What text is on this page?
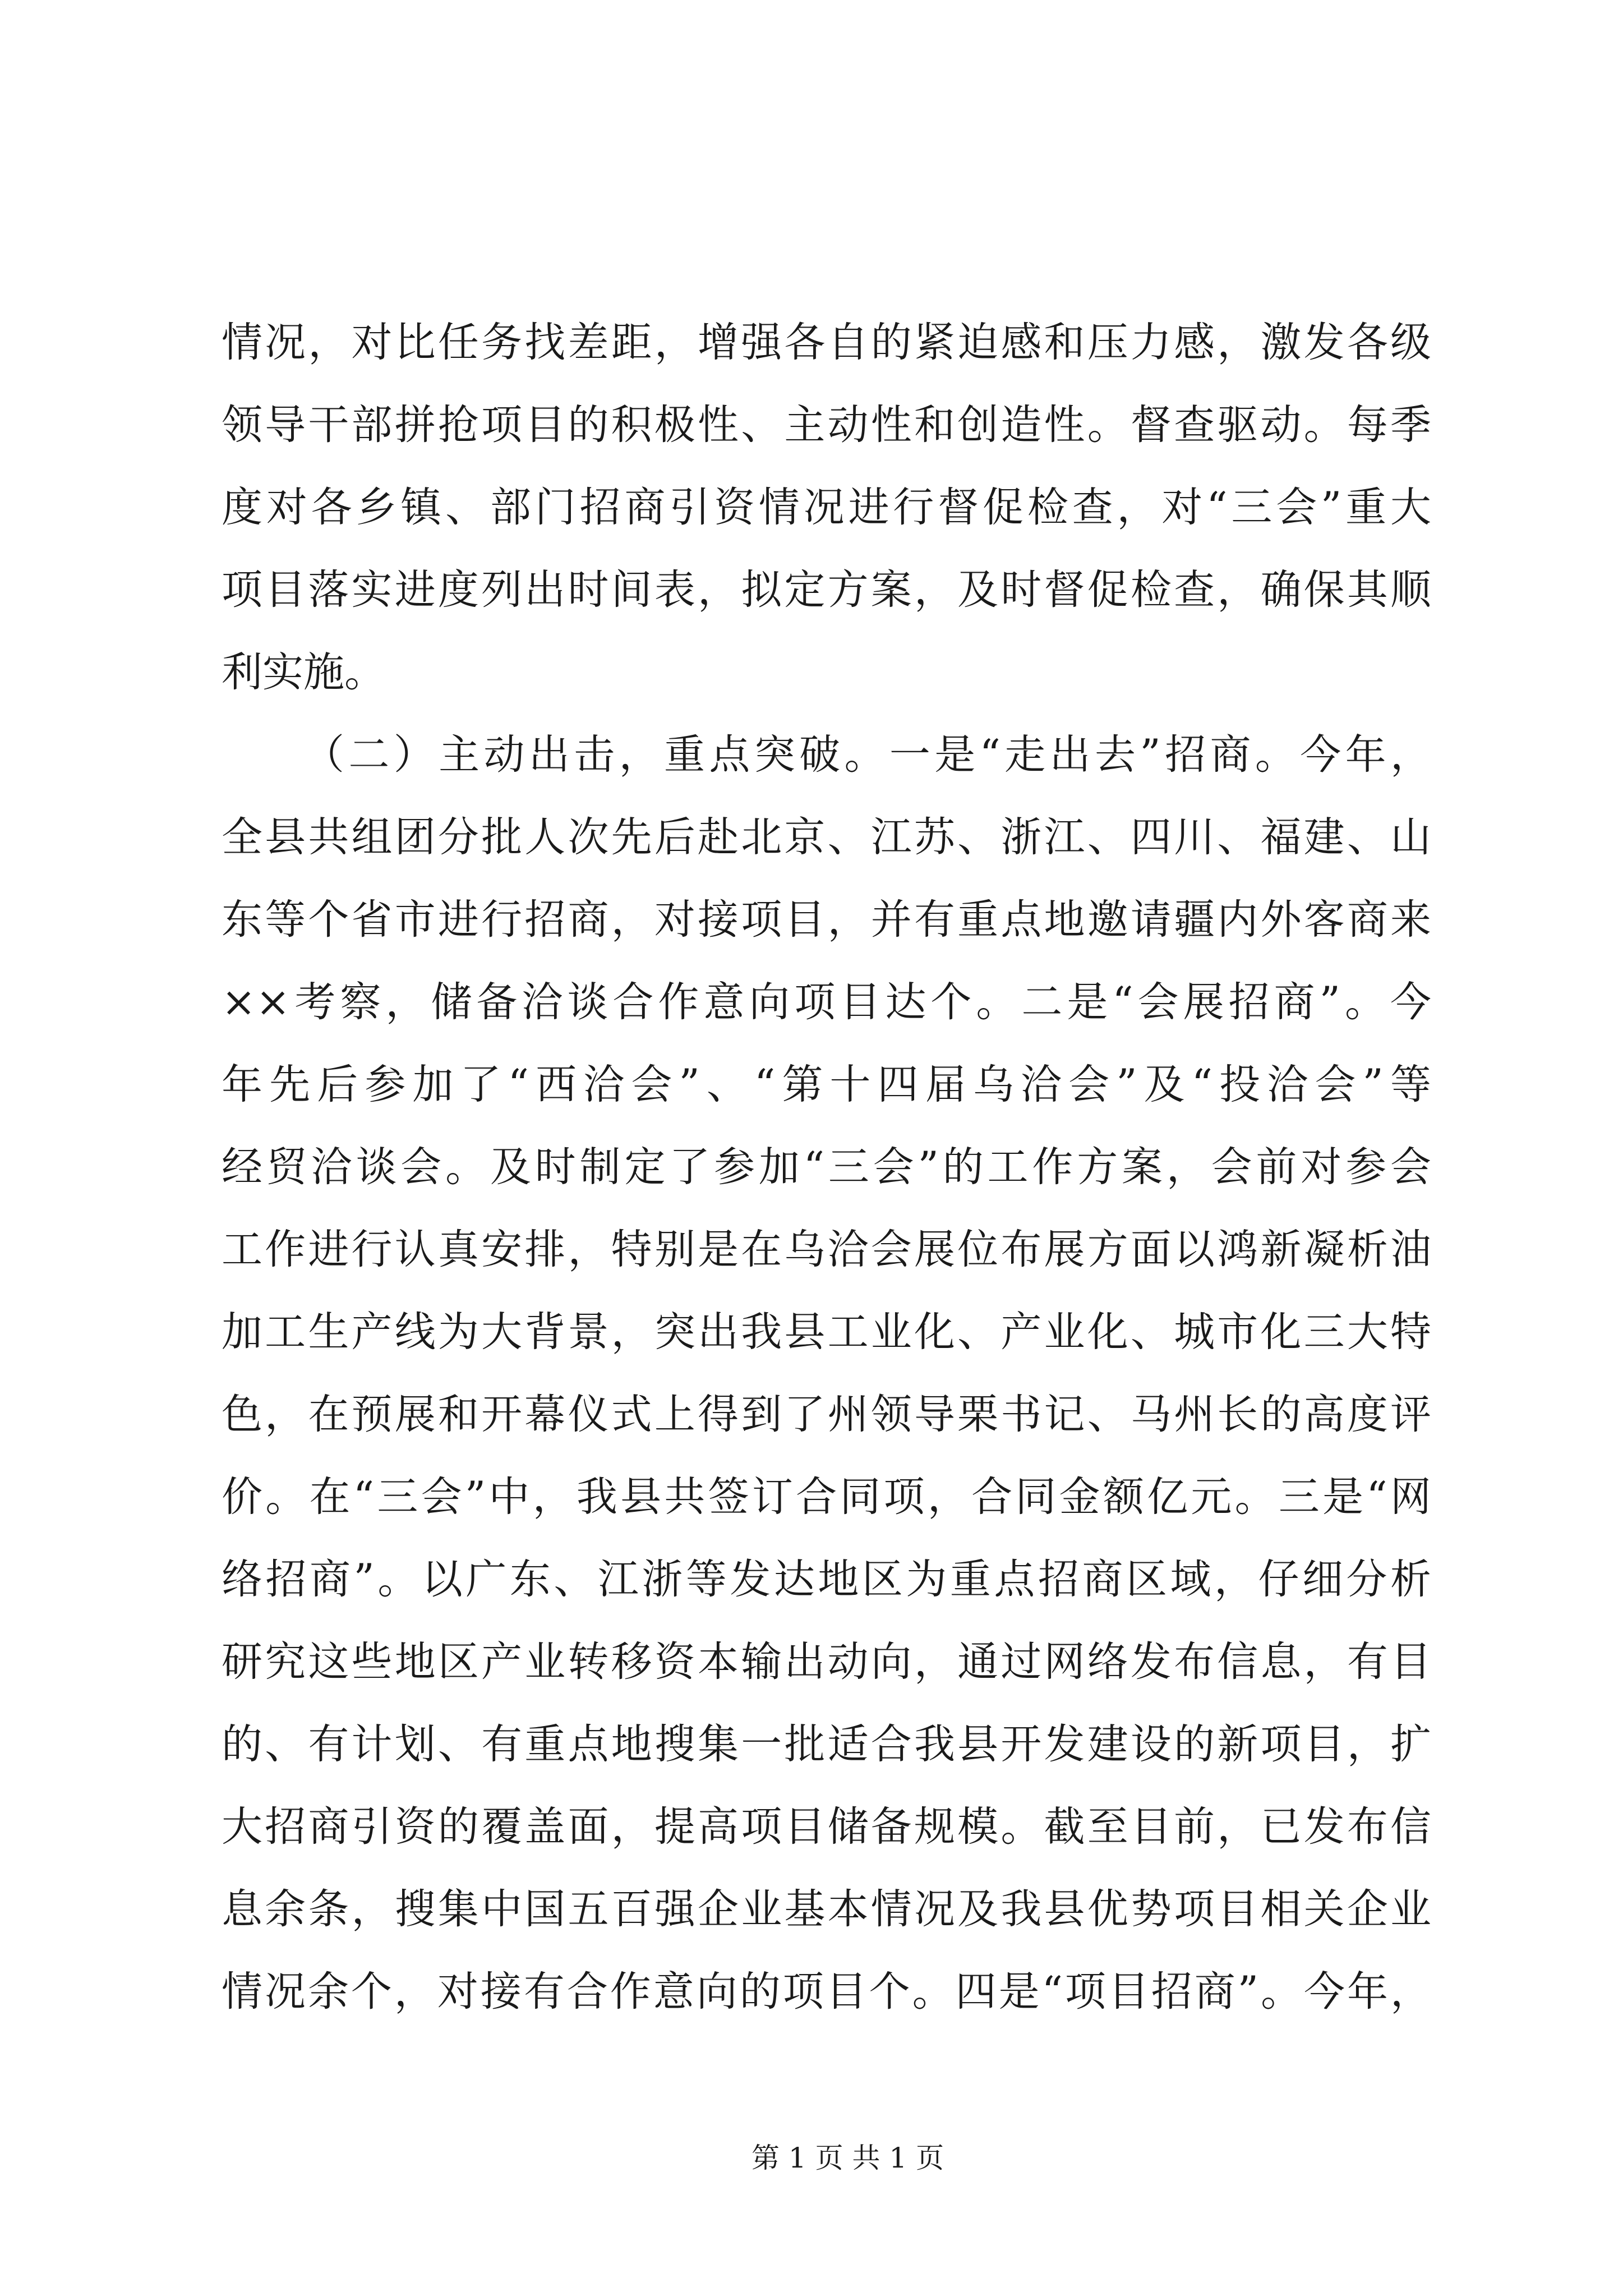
情况，对比任务找差距，增强各自的紧迫感和压力感，激发各级
领导干部拼抢项目的积极性、主动性和创造性。督查驱动。每季
度对各乡镇、部门招商引资情况进行督促检查，对“三会”重大
项目落实进度列出时间表，拟定方案，及时督促检查，确保其顺
利实施。
（二）主动出击，重点突破。一是“走出去”招商。今年，
全县共组团分批人次先后赴北京、江苏、浙江、四川、福建、山
东等个省市进行招商，对接项目，并有重点地邀请疆内外客商来
××考察，储备洽谈合作意向项目达个。二是“会展招商”。今
年先后参加了“西洽会”、“第十四届乌洽会”及“投洽会”等
经贸洽谈会。及时制定了参加“三会”的工作方案，会前对参会
工作进行认真安排，特别是在乌洽会展位布展方面以鸿新凝析油
加工生产线为大背景，突出我县工业化、产业化、城市化三大特
色，在预展和开幕仪式上得到了州领导栗书记、马州长的高度评
价。在“三会”中，我县共签订合同项，合同金额亿元。三是“网
络招商”。以广东、江浙等发达地区为重点招商区域，仔细分析
研究这些地区产业转移资本输出动向，通过网络发布信息，有目
的、有计划、有重点地搜集一批适合我县开发建设的新项目，扩
大招商引资的覆盖面，提高项目储备规模。截至目前，已发布信
息余条，搜集中国五百强企业基本情况及我县优势项目相关企业
情况余个，对接有合作意向的项目个。四是“项目招商”。今年，
第 1 页 共 1 页
